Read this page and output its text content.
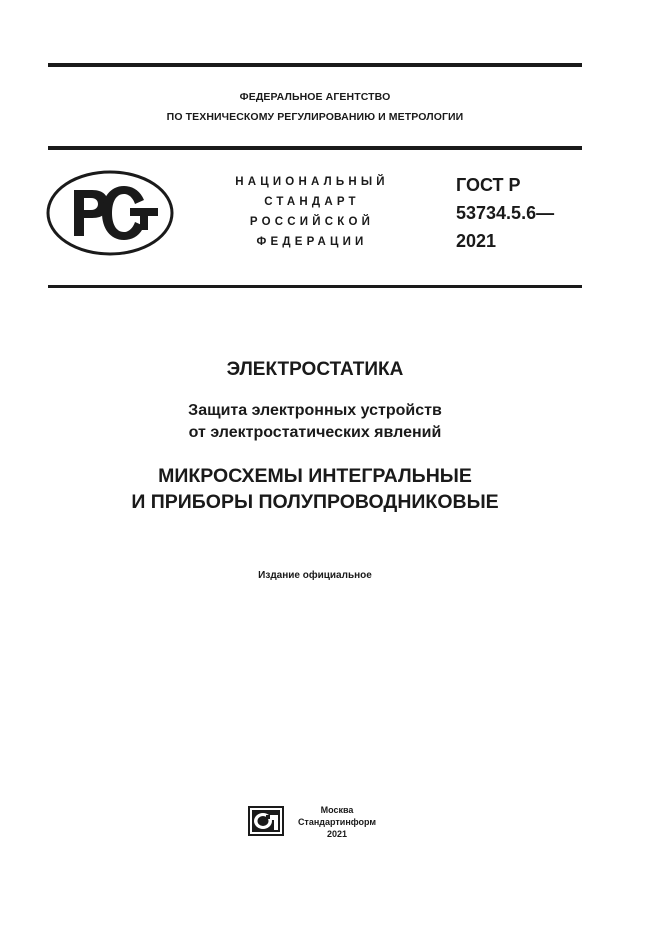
ФЕДЕРАЛЬНОЕ АГЕНТСТВО
ПО ТЕХНИЧЕСКОМУ РЕГУЛИРОВАНИЮ И МЕТРОЛОГИИ
НАЦИОНАЛЬНЫЙ
СТАНДАРТ
РОССИЙСКОЙ
ФЕДЕРАЦИИ
ГОСТ Р
53734.5.6—
2021
ЭЛЕКТРОСТАТИКА
Защита электронных устройств
от электростатических явлений
МИКРОСХЕМЫ ИНТЕГРАЛЬНЫЕ
И ПРИБОРЫ ПОЛУПРОВОДНИКОВЫЕ
Издание официальное
Москва
Стандартинформ
2021
